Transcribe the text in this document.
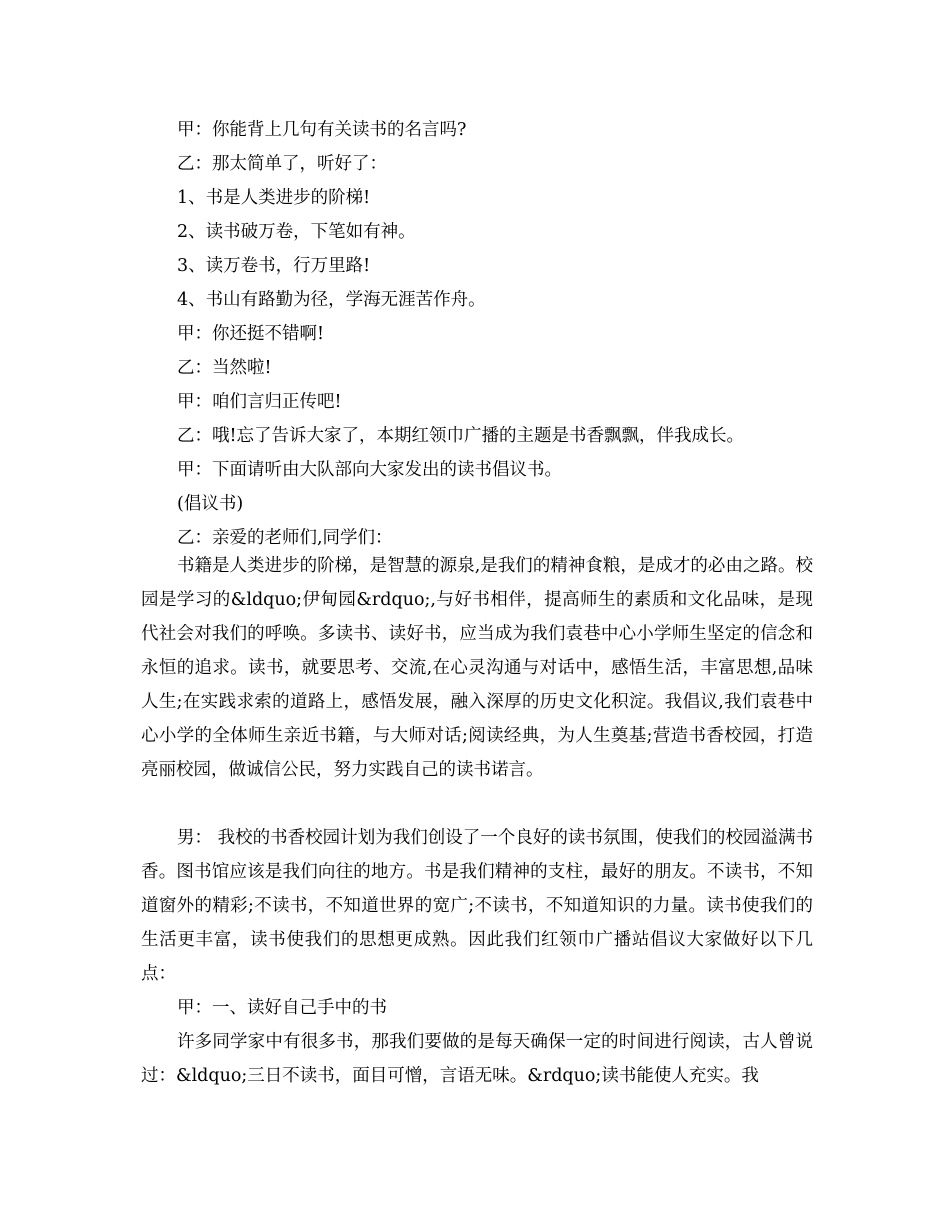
甲：你能背上几句有关读书的名言吗?
乙：那太简单了，听好了：
1、书是人类进步的阶梯!
2、读书破万卷，下笔如有神。
3、读万卷书，行万里路!
4、书山有路勤为径，学海无涯苦作舟。
甲：你还挺不错啊!
乙：当然啦!
甲：咱们言归正传吧!
乙：哦!忘了告诉大家了，本期红领巾广播的主题是书香飘飘，伴我成长。
甲：下面请听由大队部向大家发出的读书倡议书。
(倡议书)
乙：亲爱的老师们,同学们：

书籍是人类进步的阶梯，是智慧的源泉,是我们的精神食粮，是成才的必由之路。校园是学习的&ldquo;伊甸园&rdquo;,与好书相伴，提高师生的素质和文化品味，是现代社会对我们的呼唤。多读书、读好书，应当成为我们袁巷中心小学师生坚定的信念和永恒的追求。读书，就要思考、交流,在心灵沟通与对话中，感悟生活，丰富思想,品味人生;在实践求索的道路上，感悟发展，融入深厚的历史文化积淀。我倡议,我们袁巷中心小学的全体师生亲近书籍，与大师对话;阅读经典，为人生奠基;营造书香校园，打造亮丽校园，做诚信公民，努力实践自己的读书诺言。

男： 我校的书香校园计划为我们创设了一个良好的读书氛围，使我们的校园溢满书香。图书馆应该是我们向往的地方。书是我们精神的支柱，最好的朋友。不读书，不知道窗外的精彩;不读书，不知道世界的宽广;不读书，不知道知识的力量。读书使我们的生活更丰富，读书使我们的思想更成熟。因此我们红领巾广播站倡议大家做好以下几点：

甲：一、读好自己手中的书

许多同学家中有很多书，那我们要做的是每天确保一定的时间进行阅读，古人曾说过：&ldquo;三日不读书，面目可憎，言语无味。&rdquo;读书能使人充实。我
